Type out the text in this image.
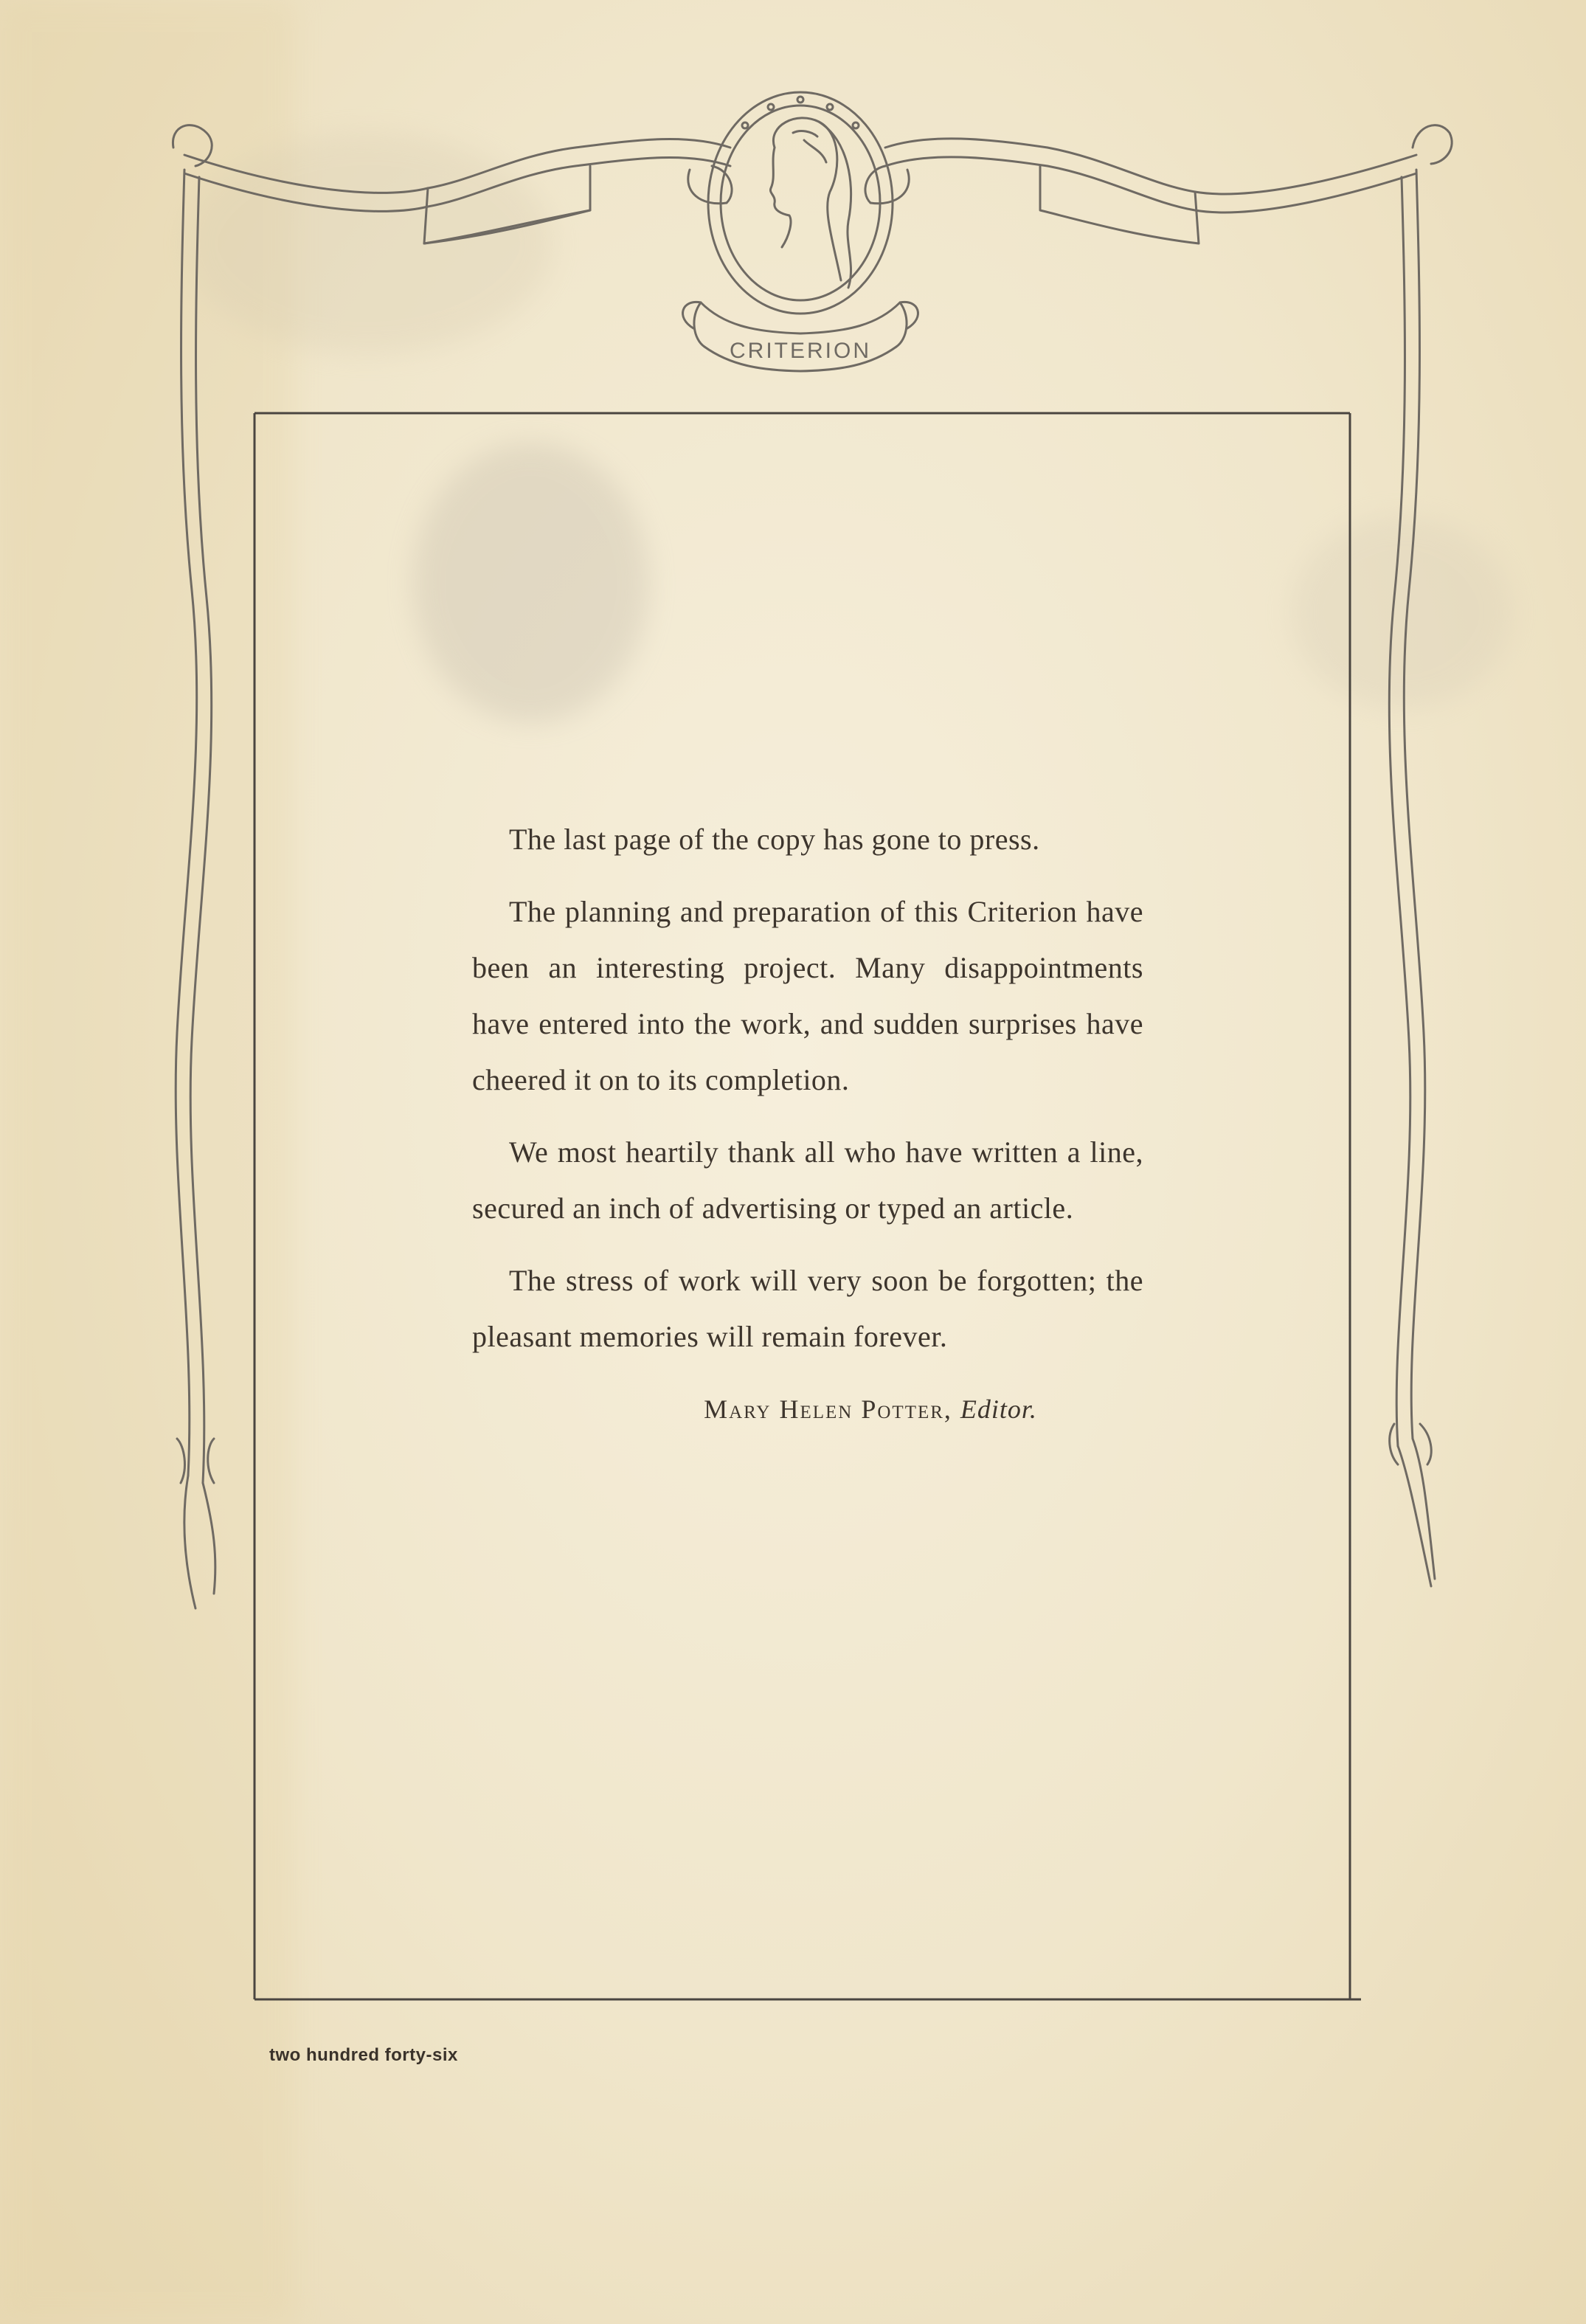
CRITERION

The last page of the copy has gone to press.

The planning and preparation of this Criterion have been an interesting project. Many disappointments have entered into the work, and sudden surprises have cheered it on to its completion.

We most heartily thank all who have written a line, secured an inch of advertising or typed an article.

The stress of work will very soon be forgotten; the pleasant memories will remain forever.

Mary Helen Potter, Editor.
two hundred forty-six
